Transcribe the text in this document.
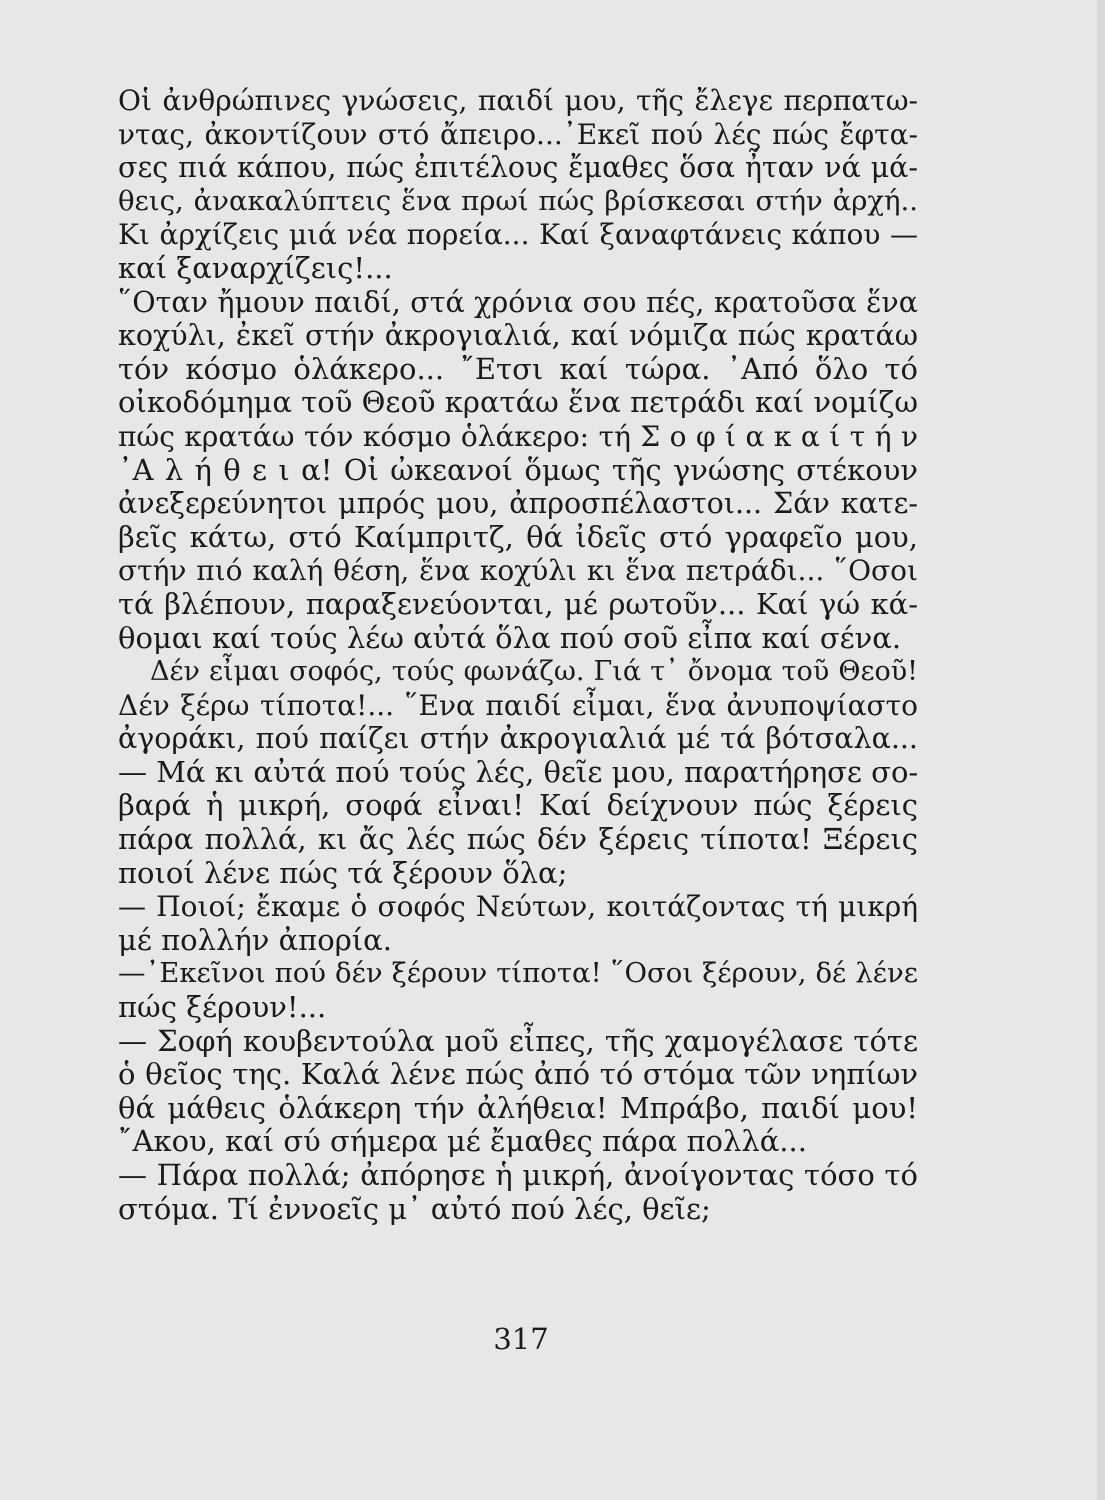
Οἱ ἀνθρώπινες γνώσεις, παιδί μου, τῆς ἔλεγε περπατω-
ντας, ἀκοντίζουν στό ἄπειρο...᾽Εκεῖ πού λές πώς ἔφτα-
σες πιά κάπου, πώς ἐπιτέλους ἔμαθες ὅσα ἦταν νά μά-
θεις, ἀνακαλύπτεις ἕνα πρωί πώς βρίσκεσαι στήν ἀρχή..
Κι ἀρχίζεις μιά νέα πορεία... Καί ξαναφτάνεις κάπου —
καί ξαναρχίζεις!...
῞Οταν ἤμουν παιδί, στά χρόνια σου πές, κρατοῦσα ἕνα
κοχύλι, ἐκεῖ στήν ἀκρογιαλιά, καί νόμιζα πώς κρατάω
τόν κόσμο ὁλάκερο... ῎Ετσι καί τώρα. ᾽Από ὅλο τό
οἰκοδόμημα τοῦ Θεοῦ κρατάω ἕνα πετράδι καί νομίζω
πώς κρατάω τόν κόσμο ὁλάκερο: τή Σ ο φ ί α κ α ί τ ή ν
᾽Α λ ή θ ε ι α! Οἱ ὠκεανοί ὅμως τῆς γνώσης στέκουν
ἀνεξερεύνητοι μπρός μου, ἀπροσπέλαστοι... Σάν κατε-
βεῖς κάτω, στό Καίμπριτζ, θά ἰδεῖς στό γραφεῖο μου,
στήν πιό καλή θέση, ἕνα κοχύλι κι ἕνα πετράδι... ῞Οσοι
τά βλέπουν, παραξενεύονται, μέ ρωτοῦν... Καί γώ κά-
θομαι καί τούς λέω αὐτά ὅλα πού σοῦ εἶπα καί σένα.
Δέν εἶμαι σοφός, τούς φωνάζω. Γιά τ᾽ ὄνομα τοῦ Θεοῦ!
Δέν ξέρω τίποτα!... ῞Ενα παιδί εἶμαι, ἕνα ἀνυποψίαστο
ἀγοράκι, πού παίζει στήν ἀκρογιαλιά μέ τά βότσαλα...
— Μά κι αὐτά πού τούς λές, θεῖε μου, παρατήρησε σο-
βαρά ἡ μικρή, σοφά εἶναι! Καί δείχνουν πώς ξέρεις
πάρα πολλά, κι ἄς λές πώς δέν ξέρεις τίποτα! Ξέρεις
ποιοί λένε πώς τά ξέρουν ὅλα;
— Ποιοί; ἔκαμε ὁ σοφός Νεύτων, κοιτάζοντας τή μικρή
μέ πολλήν ἀπορία.
—᾽Εκεῖνοι πού δέν ξέρουν τίποτα! ῞Οσοι ξέρουν, δέ λένε
πώς ξέρουν!...
— Σοφή κουβεντούλα μοῦ εἶπες, τῆς χαμογέλασε τότε
ὁ θεῖος της. Καλά λένε πώς ἀπό τό στόμα τῶν νηπίων
θά μάθεις ὁλάκερη τήν ἀλήθεια! Μπράβο, παιδί μου!
῎Ακου, καί σύ σήμερα μέ ἔμαθες πάρα πολλά...
— Πάρα πολλά; ἀπόρησε ἡ μικρή, ἀνοίγοντας τόσο τό
στόμα. Τί ἐννοεῖς μ᾽ αὐτό πού λές, θεῖε;
317
